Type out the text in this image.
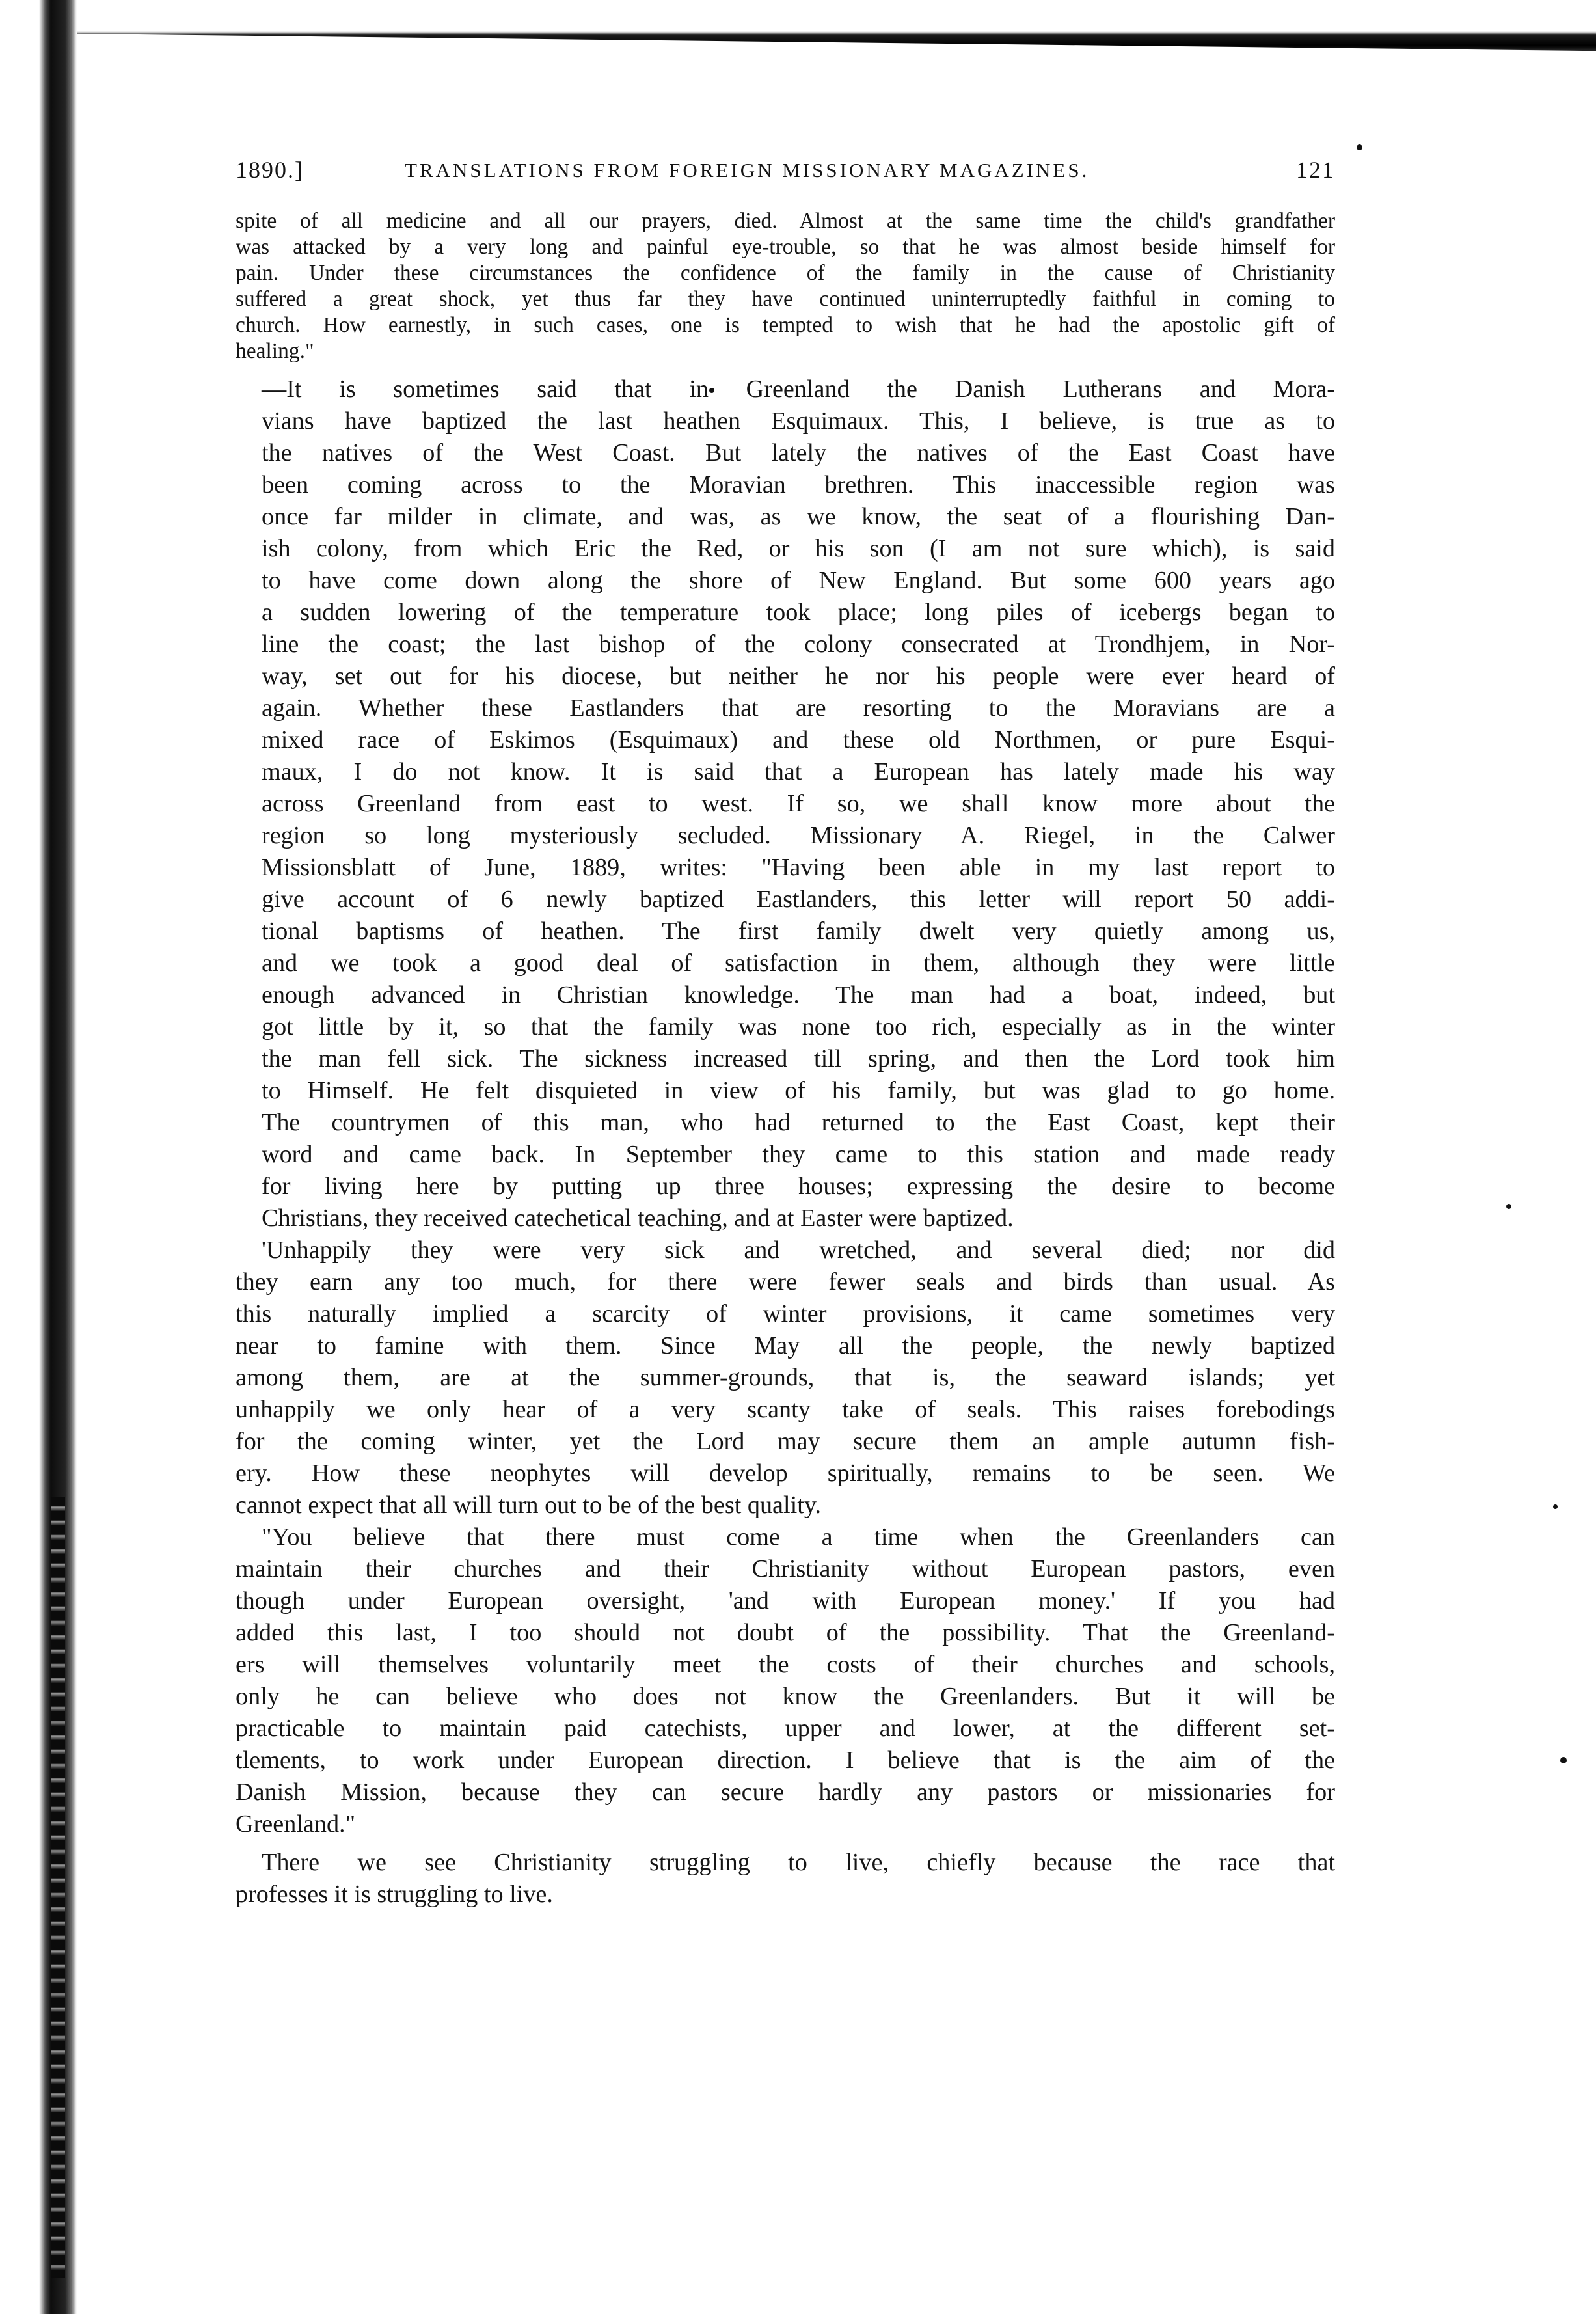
1890.]	TRANSLATIONS FROM FOREIGN MISSIONARY MAGAZINES.	121
spite of all medicine and all our prayers, died. Almost at the same time the child's grandfather
was attacked by a very long and painful eye-trouble, so that he was almost beside himself for
pain. Under these circumstances the confidence of the family in the cause of Christianity
suffered a great shock, yet thus far they have continued uninterruptedly faithful in coming to
church. How earnestly, in such cases, one is tempted to wish that he had the apostolic gift of
healing."
—It is sometimes said that in Greenland the Danish Lutherans and Mora-
vians have baptized the last heathen Esquimaux. This, I believe, is true as to
the natives of the West Coast. But lately the natives of the East Coast have
been coming across to the Moravian brethren. This inaccessible region was
once far milder in climate, and was, as we know, the seat of a flourishing Dan-
ish colony, from which Eric the Red, or his son (I am not sure which), is said
to have come down along the shore of New England. But some 600 years ago
a sudden lowering of the temperature took place; long piles of icebergs began to
line the coast; the last bishop of the colony consecrated at Trondhjem, in Nor-
way, set out for his diocese, but neither he nor his people were ever heard of
again. Whether these Eastlanders that are resorting to the Moravians are a
mixed race of Eskimos (Esquimaux) and these old Northmen, or pure Esqui-
maux, I do not know. It is said that a European has lately made his way
across Greenland from east to west. If so, we shall know more about the
region so long mysteriously secluded. Missionary A. Riegel, in the Calwer
Missionsblatt of June, 1889, writes: "Having been able in my last report to
give account of 6 newly baptized Eastlanders, this letter will report 50 addi-
tional baptisms of heathen. The first family dwelt very quietly among us,
and we took a good deal of satisfaction in them, although they were little
enough advanced in Christian knowledge. The man had a boat, indeed, but
got little by it, so that the family was none too rich, especially as in the winter
the man fell sick. The sickness increased till spring, and then the Lord took him
to Himself. He felt disquieted in view of his family, but was glad to go home.
The countrymen of this man, who had returned to the East Coast, kept their
word and came back. In September they came to this station and made ready
for living here by putting up three houses; expressing the desire to become
Christians, they received catechetical teaching, and at Easter were baptized.
'Unhappily they were very sick and wretched, and several died; nor did
they earn any too much, for there were fewer seals and birds than usual. As
this naturally implied a scarcity of winter provisions, it came sometimes very
near to famine with them. Since May all the people, the newly baptized
among them, are at the summer-grounds, that is, the seaward islands; yet
unhappily we only hear of a very scanty take of seals. This raises forebodings
for the coming winter, yet the Lord may secure them an ample autumn fish-
ery. How these neophytes will develop spiritually, remains to be seen. We
cannot expect that all will turn out to be of the best quality.
"You believe that there must come a time when the Greenlanders can
maintain their churches and their Christianity without European pastors, even
though under European oversight, 'and with European money.' If you had
added this last, I too should not doubt of the possibility. That the Greenland-
ers will themselves voluntarily meet the costs of their churches and schools,
only he can believe who does not know the Greenlanders. But it will be
practicable to maintain paid catechists, upper and lower, at the different set-
tlements, to work under European direction. I believe that is the aim of the
Danish Mission, because they can secure hardly any pastors or missionaries for
Greenland."
There we see Christianity struggling to live, chiefly because the race that
professes it is struggling to live.
